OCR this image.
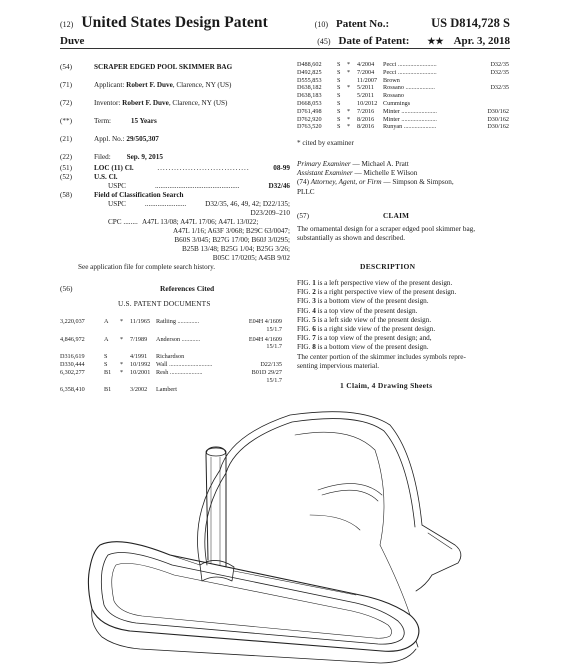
(12) United States Design Patent	(10) Patent No.:	US D814,728 S
Duve	(45) Date of Patent: ★★ Apr. 3, 2018
(54)	SCRAPER EDGED POOL SKIMMER BAG
(71)	Applicant: Robert F. Duve, Clarence, NY (US)
(72)	Inventor: Robert F. Duve, Clarence, NY (US)
(**)	Term:	15 Years
(21)	Appl. No.: 29/505,307
(22)	Filed: Sep. 9, 2015
(51)	LOC (11) Cl.	.................................	08-99
(52)	U.S. Cl.
USPC	...............................................	D32/46
(58)	Field of Classification Search
USPC	.......................	D32/35, 46, 49, 42; D22/135;
D23/209–210
CPC ........ A47L 13/08; A47L 17/06; A47L 13/022;
A47L 1/16; A63F 3/068; B29C 63/0047;
B60S 3/045; B27G 17/00; B60J 3/0295;
B25B 13/48; B25G 1/04; B25G 3/26;
B05C 17/0205; A45B 9/02
See application file for complete search history.
(56)	References Cited
U.S. PATENT DOCUMENTS
3,220,037	A	*	11/1965 Ratliing ..............	E04H 4/1609
15/1.7
4,846,972	A	*	7/1989	Anderson ............	E04H 4/1609
15/1.7
D316,619	S	4/1991	Richardson
D330,444	S	*	10/1992 Wall ............................	D22/135
6,302,277	B1	*	10/2001 Resh .....................	B01D 29/27
15/1.7
6,358,410	B1	3/2002	Lambert
D488,602	S	*	4/2004	Pecci .........................	D32/35
D492,825	S	*	7/2004	Pecci .........................	D32/35
D555,853	S	11/2007 Brown
D638,182	S	*	5/2011	Rossano ...................	D32/35
D638,183	S	5/2011	Rossano
D668,053	S	10/2012 Cummings
D761,498	S	*	7/2016	Minter .......................	D30/162
D762,920	S	*	8/2016	Minter .......................	D30/162
D763,520	S	*	8/2016	Runyan .....................	D30/162
* cited by examiner
Primary Examiner — Michael A. Pratt
Assistant Examiner — Michelle E Wilson
(74) Attorney, Agent, or Firm — Simpson & Simpson,
PLLC
(57)	CLAIM
The ornamental design for a scraper edged pool skimmer bag, substantially as shown and described.
DESCRIPTION
FIG. 1 is a left perspective view of the present design.
FIG. 2 is a right perspective view of the present design.
FIG. 3 is a bottom view of the present design.
FIG. 4 is a top view of the present design.
FIG. 5 is a left side view of the present design.
FIG. 6 is a right side view of the present design.
FIG. 7 is a top view of the present design; and,
FIG. 8 is a bottom view of the present design.
The center portion of the skimmer includes symbols repre-
senting impervious material.
1 Claim, 4 Drawing Sheets
